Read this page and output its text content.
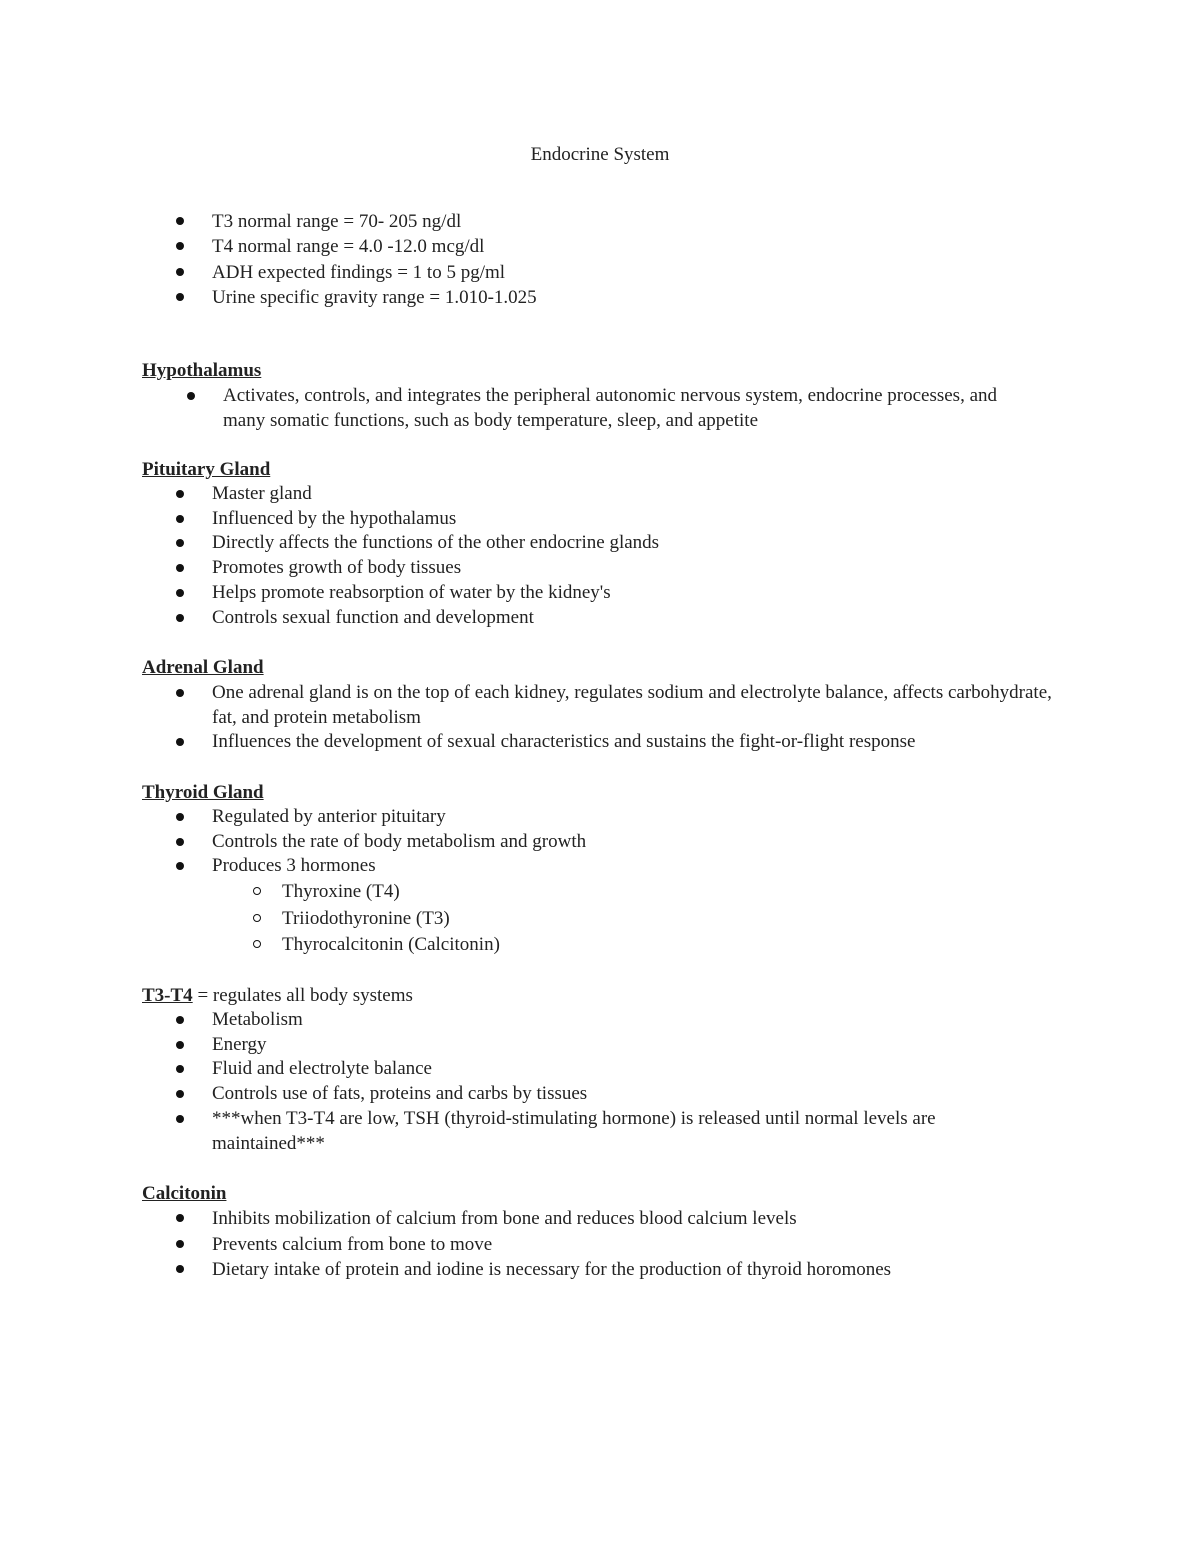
Endocrine System
T3 normal range = 70- 205 ng/dl
T4 normal range = 4.0 -12.0 mcg/dl
ADH expected findings = 1 to 5 pg/ml
Urine specific gravity range = 1.010-1.025
Hypothalamus
Activates, controls, and integrates the peripheral autonomic nervous system, endocrine processes, and many somatic functions, such as body temperature, sleep, and appetite
Pituitary Gland
Master gland
Influenced by the hypothalamus
Directly affects the functions of the other endocrine glands
Promotes growth of body tissues
Helps promote reabsorption of water by the kidney's
Controls sexual function and development
Adrenal Gland
One adrenal gland is on the top of each kidney, regulates sodium and electrolyte balance, affects carbohydrate, fat, and protein metabolism
Influences the development of sexual characteristics and sustains the fight-or-flight response
Thyroid Gland
Regulated by anterior pituitary
Controls the rate of body metabolism and growth
Produces 3 hormones
Thyroxine (T4)
Triiodothyronine (T3)
Thyrocalcitonin (Calcitonin)
T3-T4 = regulates all body systems
Metabolism
Energy
Fluid and electrolyte balance
Controls use of fats, proteins and carbs by tissues
***when T3-T4 are low, TSH (thyroid-stimulating hormone) is released until normal levels are maintained***
Calcitonin
Inhibits mobilization of calcium from bone and reduces blood calcium levels
Prevents calcium from bone to move
Dietary intake of protein and iodine is necessary for the production of thyroid horomones
